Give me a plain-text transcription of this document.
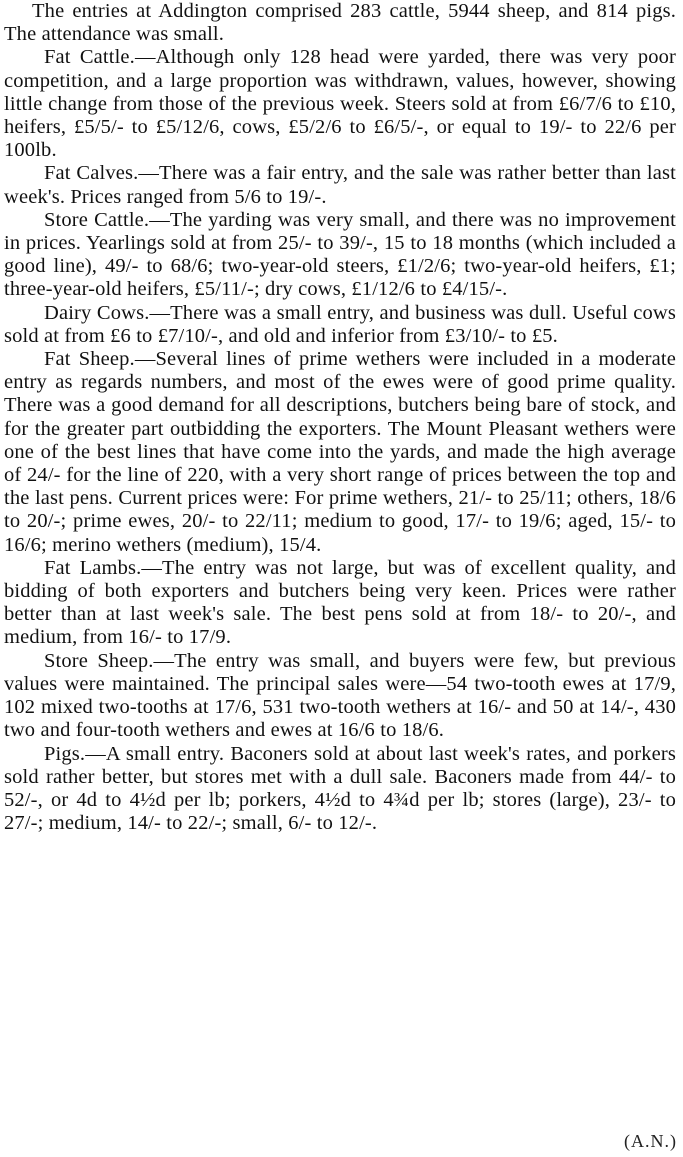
The entries at Addington comprised 283 cattle, 5944 sheep, and 814 pigs. The attendance was small.

Fat Cattle.—Although only 128 head were yarded, there was very poor competition, and a large proportion was withdrawn, values, however, showing little change from those of the previous week. Steers sold at from £6/7/6 to £10, heifers, £5/5/- to £5/12/6, cows, £5/2/6 to £6/5/-, or equal to 19/- to 22/6 per 100lb.

Fat Calves.—There was a fair entry, and the sale was rather better than last week's. Prices ranged from 5/6 to 19/-.

Store Cattle.—The yarding was very small, and there was no improvement in prices. Yearlings sold at from 25/- to 39/-, 15 to 18 months (which included a good line), 49/- to 68/6; two-year-old steers, £1/2/6; two-year-old heifers, £1; three-year-old heifers, £5/11/-; dry cows, £1/12/6 to £4/15/-.

Dairy Cows.—There was a small entry, and business was dull. Useful cows sold at from £6 to £7/10/-, and old and inferior from £3/10/- to £5.

Fat Sheep.—Several lines of prime wethers were included in a moderate entry as regards numbers, and most of the ewes were of good prime quality. There was a good demand for all descriptions, butchers being bare of stock, and for the greater part outbidding the exporters. The Mount Pleasant wethers were one of the best lines that have come into the yards, and made the high average of 24/- for the line of 220, with a very short range of prices between the top and the last pens. Current prices were: For prime wethers, 21/- to 25/11; others, 18/6 to 20/-; prime ewes, 20/- to 22/11; medium to good, 17/- to 19/6; aged, 15/- to 16/6; merino wethers (medium), 15/4.

Fat Lambs.—The entry was not large, but was of excellent quality, and bidding of both exporters and butchers being very keen. Prices were rather better than at last week's sale. The best pens sold at from 18/- to 20/-, and medium, from 16/- to 17/9.

Store Sheep.—The entry was small, and buyers were few, but previous values were maintained. The principal sales were—54 two-tooth ewes at 17/9, 102 mixed two-tooths at 17/6, 531 two-tooth wethers at 16/- and 50 at 14/-, 430 two and four-tooth wethers and ewes at 16/6 to 18/6.

Pigs.—A small entry. Baconers sold at about last week's rates, and porkers sold rather better, but stores met with a dull sale. Baconers made from 44/- to 52/-, or 4d to 4½d per lb; porkers, 4½d to 4¾d per lb; stores (large), 23/- to 27/-; medium, 14/- to 22/-; small, 6/- to 12/-.

(A.N.)
